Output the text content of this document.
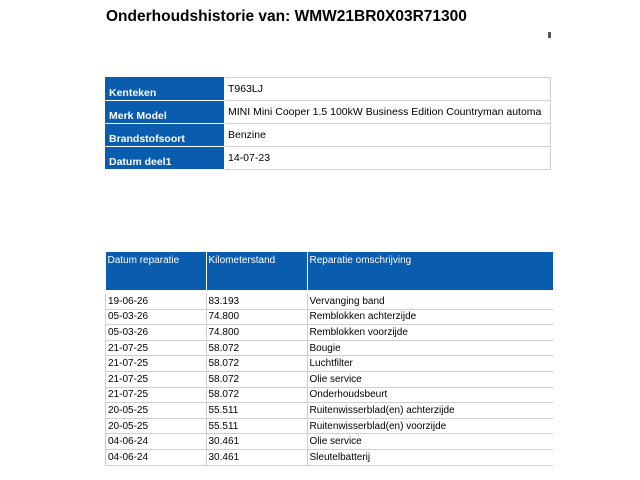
Onderhoudshistorie van: WMW21BR0X03R71300
Kenteken	T963LJ
Merk Model	MINI Mini Cooper 1.5 100kW Business Edition Countryman automa
Brandstofsoort	Benzine
Datum deel1	14-07-23
Datum reparatie	Kilometerstand	Reparatie omschrijving

19-06-26	83.193	Vervanging band
05-03-26	74.800	Remblokken achterzijde
05-03-26	74.800	Remblokken voorzijde
21-07-25	58.072	Bougie
21-07-25	58.072	Luchtfilter
21-07-25	58.072	Olie service
21-07-25	58.072	Onderhoudsbeurt
20-05-25	55.511	Ruitenwisserblad(en) achterzijde
20-05-25	55.511	Ruitenwisserblad(en) voorzijde
04-06-24	30.461	Olie service
04-06-24	30.461	Sleutelbatterij
